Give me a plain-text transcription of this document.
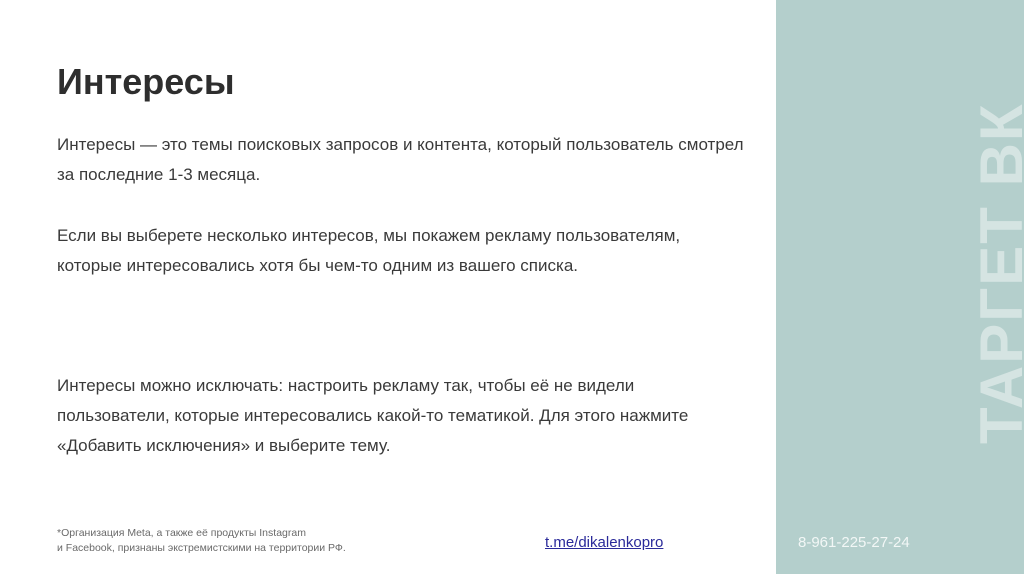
ТАРГЕТ ВК
Интересы

Интересы — это темы поисковых запросов и контента, который пользователь смотрел за последние 1-3 месяца.

Если вы выберете несколько интересов, мы покажем рекламу пользователям, которые интересовались хотя бы чем-то одним из вашего списка.

Интересы можно исключать: настроить рекламу так, чтобы её не видели пользователи, которые интересовались какой-то тематикой. Для этого нажмите «Добавить исключения» и выберите тему.

*Организация Meta, а также её продукты Instagram
и Facebook, признаны экстремистскими на территории РФ.	t.me/dikalenkopro	8-961-225-27-24
